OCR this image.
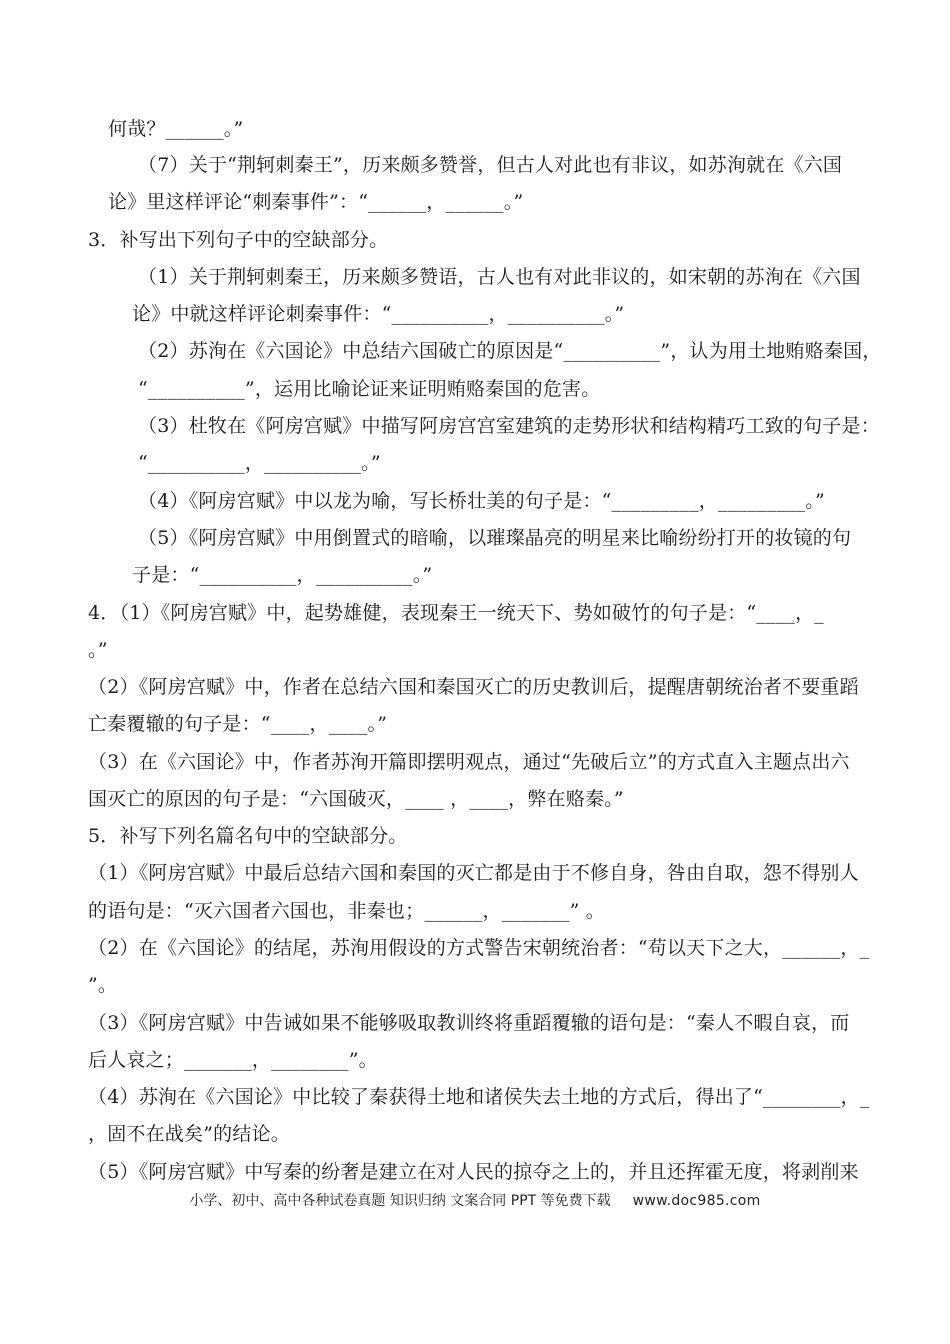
何哉？______。”
（7）关于“荆轲刺秦王”，历来颇多赞誉，但古人对此也有非议，如苏洵就在《六国
论》里这样评论“刺秦事件”：“______，______。”
3．补写出下列句子中的空缺部分。
（1）关于荆轲刺秦王，历来颇多赞语，古人也有对此非议的，如宋朝的苏洵在《六国
论》中就这样评论刺秦事件：“__________，__________。”
（2）苏洵在《六国论》中总结六国破亡的原因是“__________”，认为用土地贿赂秦国，
“__________”，运用比喻论证来证明贿赂秦国的危害。
（3）杜牧在《阿房宫赋》中描写阿房宫宫室建筑的走势形状和结构精巧工致的句子是：
“__________，__________。”
（4）《阿房宫赋》中以龙为喻，写长桥壮美的句子是：“_________，_________。”
（5）《阿房宫赋》中用倒置式的暗喻，以璀璨晶亮的明星来比喻纷纷打开的妆镜的句
子是：“__________，__________。”
4．（1）《阿房宫赋》中，起势雄健，表现秦王一统天下、势如破竹的句子是：“____，_
。”
（2）《阿房宫赋》中，作者在总结六国和秦国灭亡的历史教训后，提醒唐朝统治者不要重蹈
亡秦覆辙的句子是：“____，____。”
（3）在《六国论》中，作者苏洵开篇即摆明观点，通过“先破后立”的方式直入主题点出六
国灭亡的原因的句子是：“六国破灭，____ ，____，弊在赂秦。”
5．补写下列名篇名句中的空缺部分。
（1）《阿房宫赋》中最后总结六国和秦国的灭亡都是由于不修自身，咎由自取，怨不得别人
的语句是：“灭六国者六国也，非秦也；______，_______” 。
（2）在《六国论》的结尾，苏洵用假设的方式警告宋朝统治者：“苟以天下之大，______，_
”。
（3）《阿房宫赋》中告诫如果不能够吸取教训终将重蹈覆辙的语句是：“秦人不暇自哀，而
后人哀之；_______，________”。
（4）苏洵在《六国论》中比较了秦获得土地和诸侯失去土地的方式后，得出了“________，_
，固不在战矣”的结论。
（5）《阿房宫赋》中写秦的纷奢是建立在对人民的掠夺之上的，并且还挥霍无度，将剥削来
小学、初中、高中各种试卷真题 知识归纳 文案合同 PPT 等免费下载 www.doc985.com
